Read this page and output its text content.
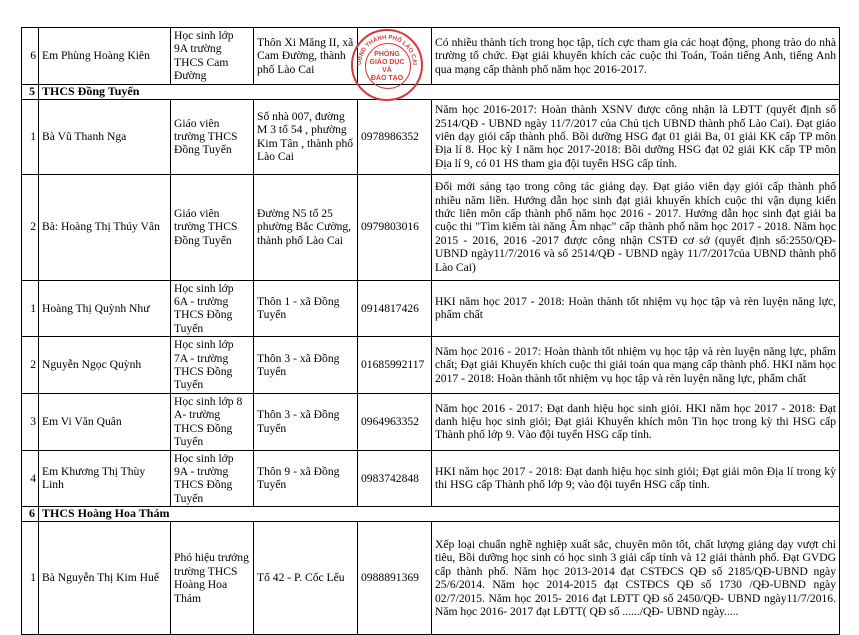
6	Em Phùng Hoàng Kiên	Học sinh lớp 9A trường THCS Cam Đường	Thôn Xi Măng II, xã Cam Đường, thành phố Lào Cai		Có nhiều thành tích trong học tập, tích cực tham gia các hoạt động, phong trào do nhà trường tổ chức. Đạt giải khuyến khích các cuộc thi Toán, Toán tiếng Anh, tiếng Anh qua mạng cấp thành phố năm học 2016-2017.
5	THCS Đồng Tuyển				
1	Bà Vũ Thanh Nga	Giáo viên trường THCS Đồng Tuyển	Số nhà 007, đường M 3 tổ 54 , phường Kim Tân , thành phố Lào Cai	0978986352	Năm học 2016-2017: Hoàn thành XSNV được công nhận là LĐTT (quyết định số 2514/QĐ - UBND ngày 11/7/2017 của Chủ tịch UBND thành phố Lào Cai). Đạt giáo viên dạy giỏi cấp thành phố. Bồi dưỡng HSG đạt 01 giải Ba, 01 giải KK cấp TP môn Địa lí 8. Học kỳ I năm học 2017-2018: Bồi dưỡng HSG đạt 02 giải KK cấp TP môn Địa lí 9, có 01 HS tham gia đội tuyển HSG cấp tỉnh.
2	Bà: Hoàng Thị Thúy Vân	Giáo viên trường THCS Đồng Tuyển	Đường N5 tổ 25 phường Bắc Cường, thành phố Lào Cai	0979803016	Đổi mới sáng tạo trong công tác giảng dạy. Đạt giáo viên dạy giỏi cấp thành phố nhiều năm liền. Hướng dẫn học sinh đạt giải khuyến khích cuộc thi vận dụng kiến thức liên môn cấp thành phố năm học 2016 - 2017. Hướng dẫn học sinh đạt giải ba cuộc thi "Tìm kiếm tài năng Âm nhạc" cấp thành phố năm học 2017 - 2018. Năm học 2015 - 2016, 2016 -2017 được công nhận CSTĐ cơ sở (quyết định số:2550/QĐ-UBND ngày11/7/2016 và số 2514/QĐ - UBND ngày 11/7/2017của UBND thành phố Lào Cai)
1	Hoàng Thị Quỳnh Như	Học sinh lớp 6A - trường THCS Đồng Tuyển	Thôn 1 - xã Đồng Tuyển	0914817426	HKI năm học 2017 - 2018: Hoàn thành tốt nhiệm vụ học tập và rèn luyện năng lực, phẩm chất
2	Nguyễn Ngọc Quỳnh	Học sinh lớp 7A - trường THCS Đồng Tuyển	Thôn 3 - xã Đồng Tuyển	01685992117	Năm học 2016 - 2017: Hoàn thành tốt nhiệm vụ học tập và rèn luyện năng lực, phẩm chất; Đạt giải Khuyến khích cuộc thi giải toán qua mạng cấp thành phố. HKI năm học 2017 - 2018: Hoàn thành tốt nhiệm vụ học tập và rèn luyện năng lực, phẩm chất
3	Em Vi Văn Quân	Học sinh lớp 8 A- trường THCS Đồng Tuyển	Thôn 3 - xã Đồng Tuyển	0964963352	Năm học 2016 - 2017: Đạt danh hiệu học sinh giỏi. HKI năm học 2017 - 2018: Đạt danh hiệu học sinh giỏi; Đạt giải Khuyến khích môn Tin học trong kỳ thi HSG cấp Thành phố lớp 9. Vào đội tuyển HSG cấp tỉnh.
4	Em Khương Thị Thùy Linh	Học sinh lớp 9A - trường THCS Đồng Tuyển	Thôn 9 - xã Đồng Tuyển	0983742848	HKI năm học 2017 - 2018: Đạt danh hiệu học sinh giỏi; Đạt giải môn Địa lí trong kỳ thi HSG cấp Thành phố lớp 9; vào đội tuyển HSG cấp tỉnh.
6	THCS Hoàng Hoa Thám				
1	Bà Nguyễn Thị Kim Huế	Phó hiệu trưởng trường THCS Hoàng Hoa Thám	Tổ 42 - P. Cốc Lếu	0988891369	Xếp loại chuẩn nghề nghiệp xuất sắc, chuyên môn tốt, chất lượng giảng dạy vượt chỉ tiêu, Bồi dưỡng học sinh có học sinh 3 giải cấp tỉnh và 12 giải thành phố. Đạt GVDG cấp thành phố. Năm học 2013-2014 đạt CSTĐCS QĐ số 2185/QĐ-UBND ngày 25/6/2014. Năm học 2014-2015 đạt CSTĐCS QĐ số 1730 /QĐ-UBND ngày 02/7/2015. Năm học 2015- 2016 đạt LĐTT QĐ số 2450/QĐ- UBND ngày11/7/2016. Năm học 2016- 2017 đạt LĐTT( QĐ số ....../QĐ- UBND ngày.....
UBND THÀNH PHỐ LÀO CAI
PHÒNG
GIÁO DỤC
VÀ
ĐÀO TẠO
